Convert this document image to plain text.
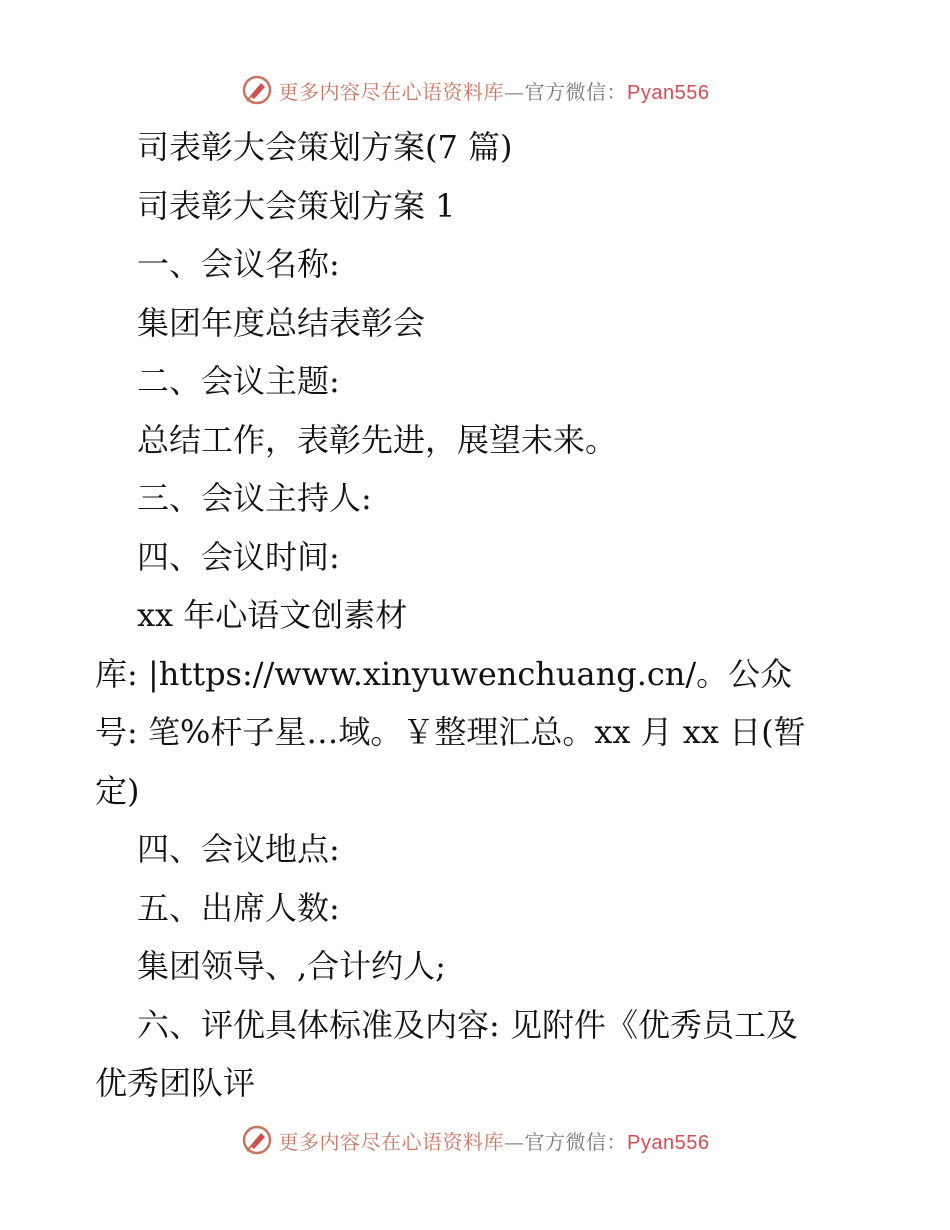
更多内容尽在心语资料库—官方微信：Pyan556
司表彰大会策划方案(7 篇)
司表彰大会策划方案 1
一、会议名称:
集团年度总结表彰会
二、会议主题:
总结工作，表彰先进，展望未来。
三、会议主持人:
四、会议时间:
xx 年心语文创素材
库: |https://www.xinyuwenchuang.cn/。公众
号: 笔%杆子星…域。￥整理汇总。xx 月 xx 日(暂
定)
四、会议地点:
五、出席人数:
集团领导、,合计约人;
六、评优具体标准及内容: 见附件《优秀员工及
优秀团队评
更多内容尽在心语资料库—官方微信：Pyan556
